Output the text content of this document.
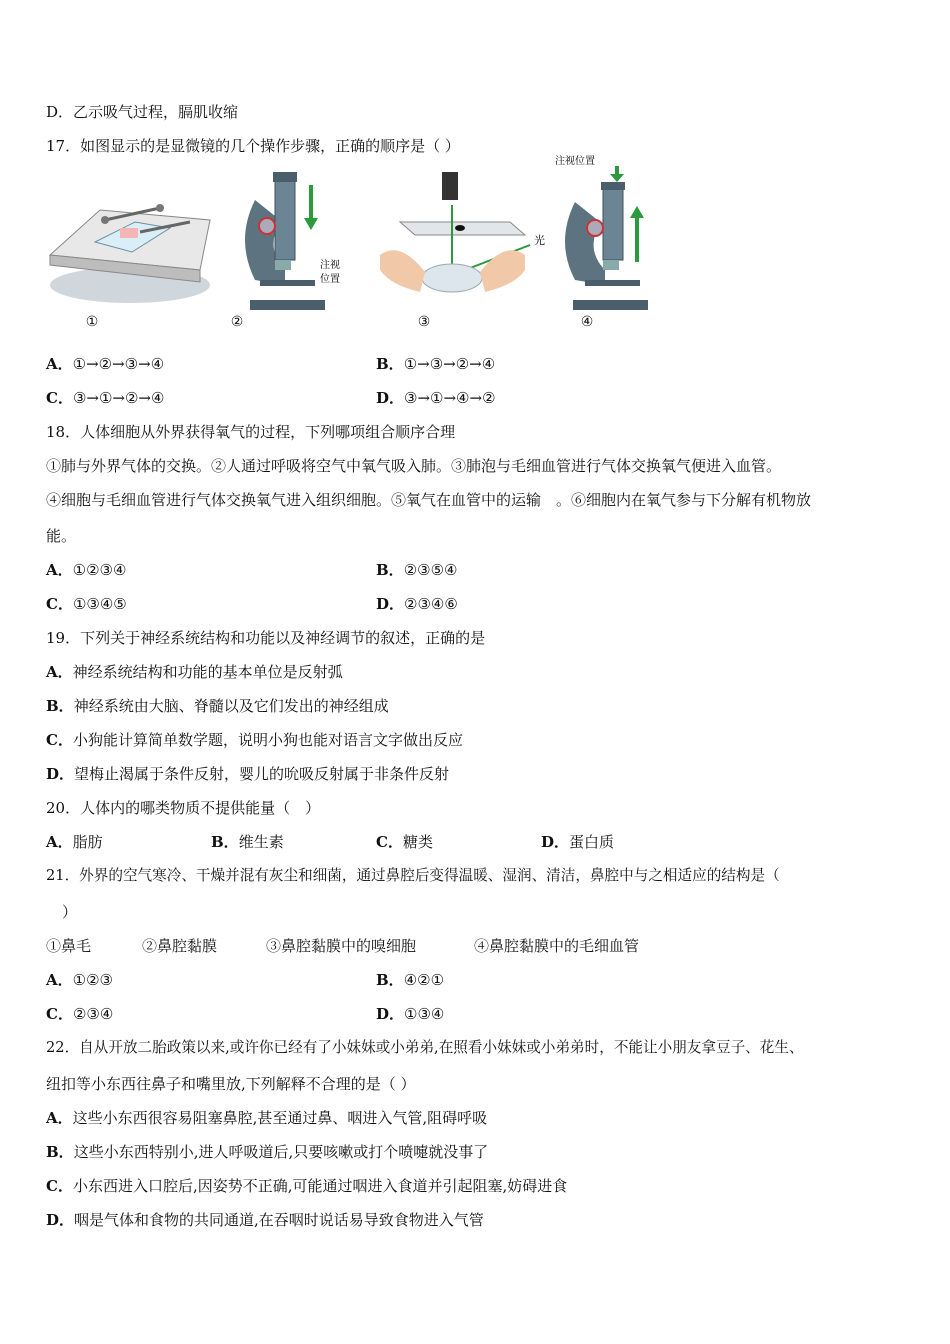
D．乙示吸气过程，膈肌收缩
17．如图显示的是显微镜的几个操作步骤，正确的顺序是（ ）
①
注视
位置
②
光
③
注视位置
④
A．①→②→③→④	B．①→③→②→④
C．③→①→②→④	D．③→①→④→②
18．人体细胞从外界获得氧气的过程，下列哪项组合顺序合理
①肺与外界气体的交换。②人通过呼吸将空气中氧气吸入肺。③肺泡与毛细血管进行气体交换氧气便进入血管。
④细胞与毛细血管进行气体交换氧气进入组织细胞。⑤氧气在血管中的运输　。⑥细胞内在氧气参与下分解有机物放
能。
A．①②③④	B．②③⑤④
C．①③④⑤	D．②③④⑥
19．下列关于神经系统结构和功能以及神经调节的叙述，正确的是
A．神经系统结构和功能的基本单位是反射弧
B．神经系统由大脑、脊髓以及它们发出的神经组成
C．小狗能计算简单数学题，说明小狗也能对语言文字做出反应
D．望梅止渴属于条件反射，婴儿的吮吸反射属于非条件反射
20．人体内的哪类物质不提供能量（　）
A．脂肪	B．维生素	C．糖类	D．蛋白质
21．外界的空气寒冷、干燥并混有灰尘和细菌，通过鼻腔后变得温暖、湿润、清洁，鼻腔中与之相适应的结构是（
）
①鼻毛	②鼻腔黏膜	③鼻腔黏膜中的嗅细胞	④鼻腔黏膜中的毛细血管
A．①②③	B．④②①
C．②③④	D．①③④
22．自从开放二胎政策以来,或许你已经有了小妹妹或小弟弟,在照看小妹妹或小弟弟时，不能让小朋友拿豆子、花生、
纽扣等小东西往鼻子和嘴里放,下列解释不合理的是（ ）
A．这些小东西很容易阻塞鼻腔,甚至通过鼻、咽进入气管,阻碍呼吸
B．这些小东西特别小,进人呼吸道后,只要咳嗽或打个喷嚏就没事了
C．小东西进入口腔后,因姿势不正确,可能通过咽进入食道并引起阻塞,妨碍进食
D．咽是气体和食物的共同通道,在吞咽时说话易导致食物进入气管
